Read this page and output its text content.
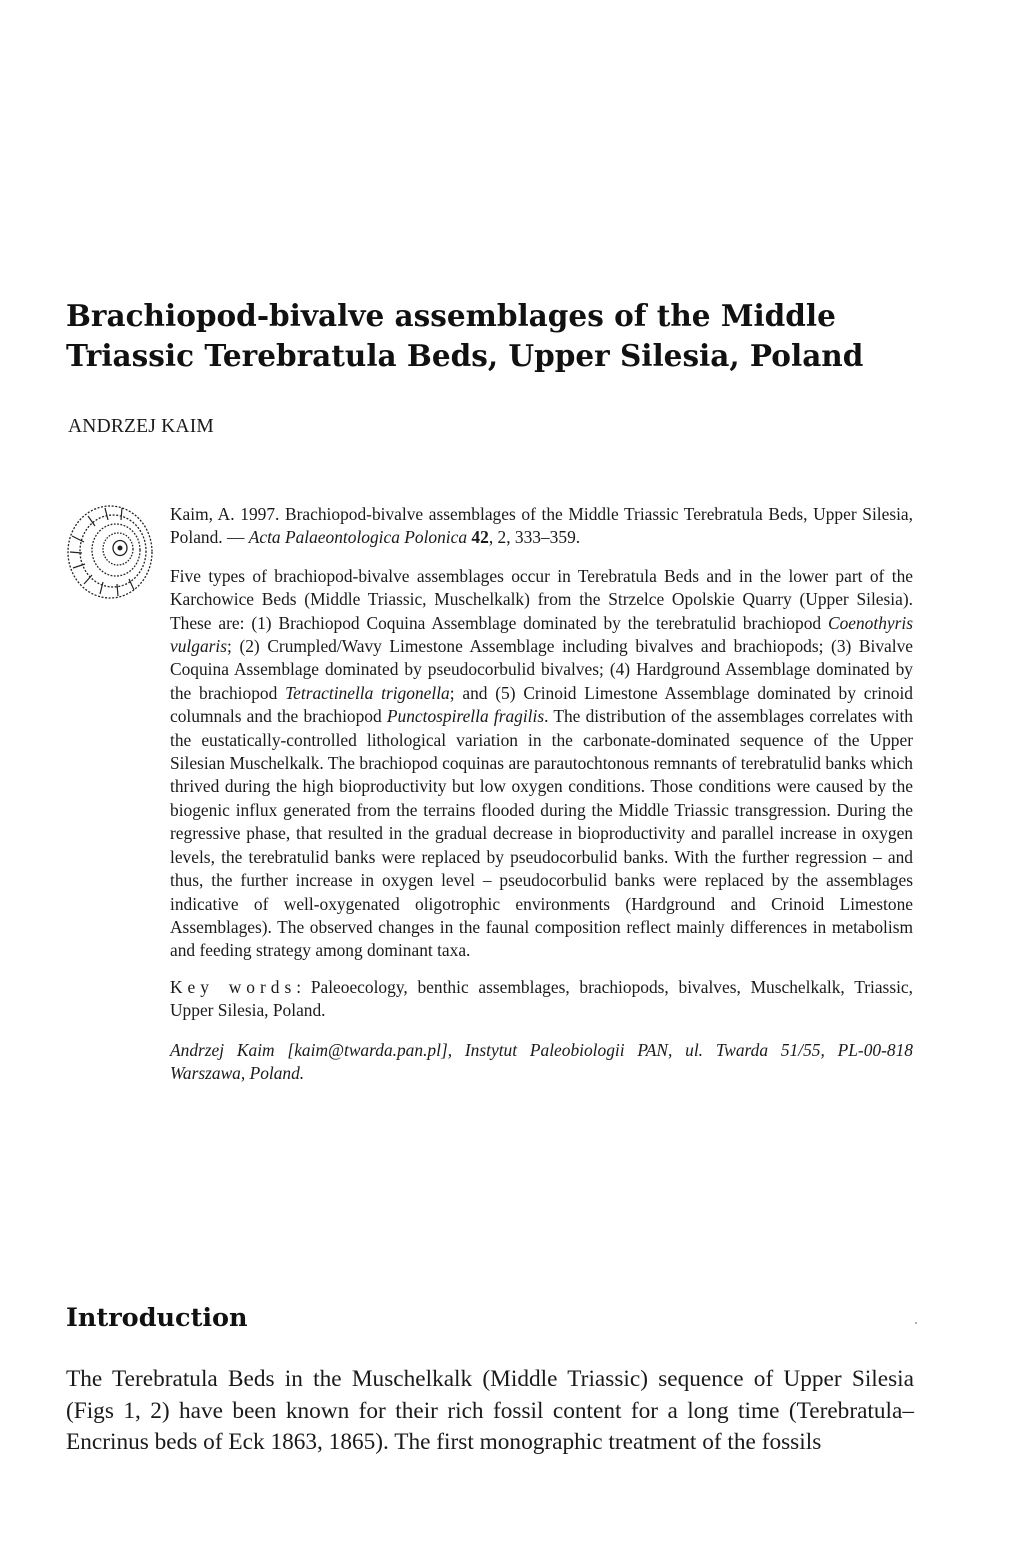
Brachiopod-bivalve assemblages of the Middle Triassic Terebratula Beds, Upper Silesia, Poland

ANDRZEJ KAIM

Kaim, A. 1997. Brachiopod-bivalve assemblages of the Middle Triassic Terebratula Beds, Upper Silesia, Poland. — Acta Palaeontologica Polonica 42, 2, 333–359.

Five types of brachiopod-bivalve assemblages occur in Terebratula Beds and in the lower part of the Karchowice Beds (Middle Triassic, Muschelkalk) from the Strzelce Opolskie Quarry (Upper Silesia). These are: (1) Brachiopod Coquina Assemblage dominated by the terebratulid brachiopod Coenothyris vulgaris; (2) Crumpled/Wavy Limestone Assemblage including bivalves and brachiopods; (3) Bivalve Coquina Assemblage dominated by pseudocorbulid bivalves; (4) Hardground Assemblage dominated by the brachiopod Tetractinella trigonella; and (5) Crinoid Limestone Assemblage dominated by crinoid columnals and the brachiopod Punctospirella fragilis. The distribution of the assemblages correlates with the eustatically-controlled lithological variation in the carbonate-dominated sequence of the Upper Silesian Muschelkalk. The brachiopod coquinas are parautochtonous remnants of terebratulid banks which thrived during the high bioproductivity but low oxygen conditions. Those conditions were caused by the biogenic influx generated from the terrains flooded during the Middle Triassic transgression. During the regressive phase, that resulted in the gradual decrease in bioproductivity and parallel increase in oxygen levels, the terebratulid banks were replaced by pseudocorbulid banks. With the further regression – and thus, the further increase in oxygen level – pseudocorbulid banks were replaced by the assemblages indicative of well-oxygenated oligotrophic environments (Hardground and Crinoid Limestone Assemblages). The observed changes in the faunal composition reflect mainly differences in metabolism and feeding strategy among dominant taxa.

Key words: Paleoecology, benthic assemblages, brachiopods, bivalves, Muschelkalk, Triassic, Upper Silesia, Poland.

Andrzej Kaim [kaim@twarda.pan.pl], Instytut Paleobiologii PAN, ul. Twarda 51/55, PL-00-818 Warszawa, Poland.

Introduction

The Terebratula Beds in the Muschelkalk (Middle Triassic) sequence of Upper Silesia (Figs 1, 2) have been known for their rich fossil content for a long time (Terebratula–Encrinus beds of Eck 1863, 1865). The first monographic treatment of the fossils
